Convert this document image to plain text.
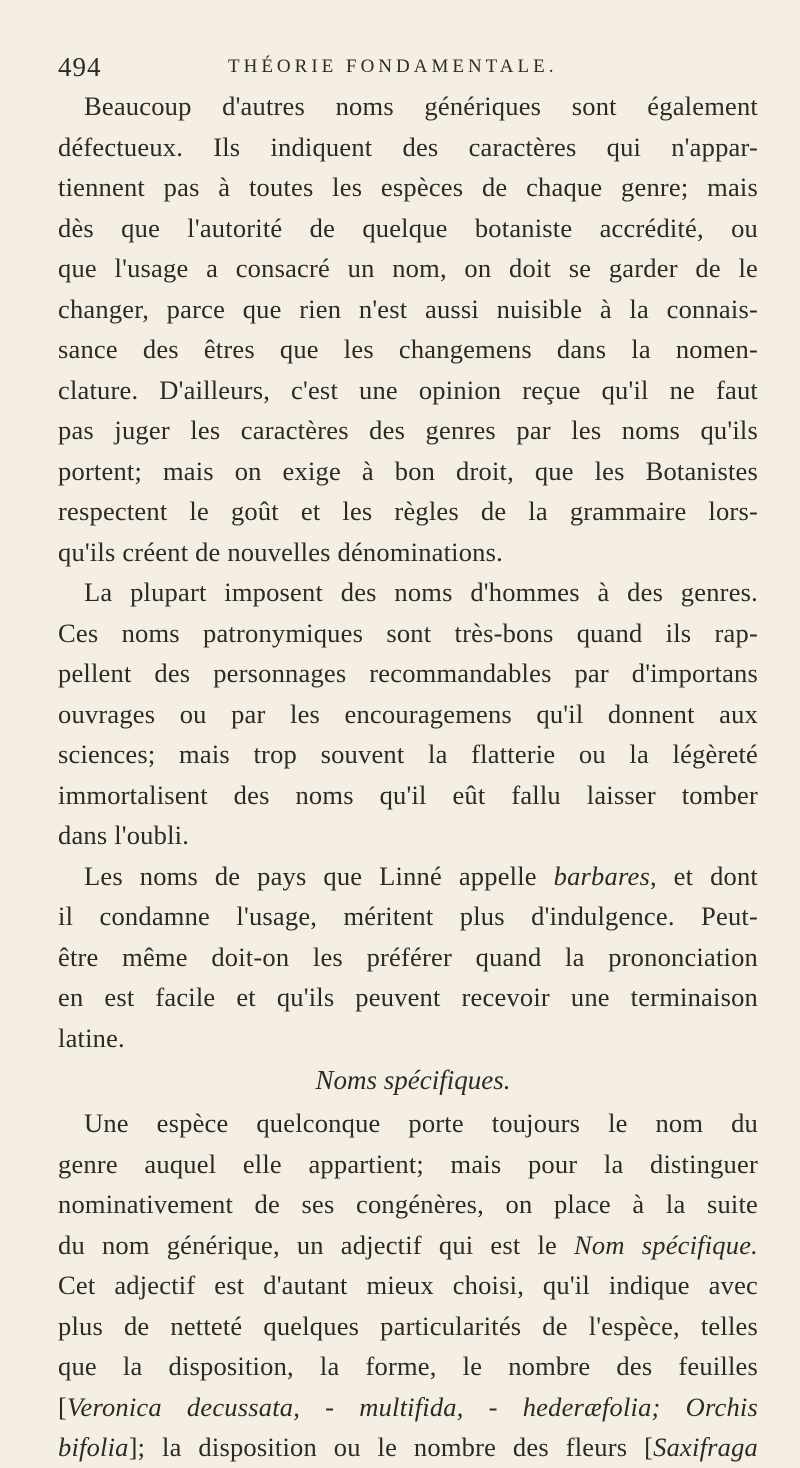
494	THÉORIE FONDAMENTALE.
Beaucoup d'autres noms génériques sont également
défectueux. Ils indiquent des caractères qui n'appar-
tiennent pas à toutes les espèces de chaque genre; mais
dès que l'autorité de quelque botaniste accrédité, ou
que l'usage a consacré un nom, on doit se garder de le
changer, parce que rien n'est aussi nuisible à la connais-
sance des êtres que les changemens dans la nomen-
clature. D'ailleurs, c'est une opinion reçue qu'il ne faut
pas juger les caractères des genres par les noms qu'ils
portent; mais on exige à bon droit, que les Botanistes
respectent le goût et les règles de la grammaire lors-
qu'ils créent de nouvelles dénominations.
La plupart imposent des noms d'hommes à des genres.
Ces noms patronymiques sont très-bons quand ils rap-
pellent des personnages recommandables par d'importans
ouvrages ou par les encouragemens qu'il donnent aux
sciences; mais trop souvent la flatterie ou la légèreté
immortalisent des noms qu'il eût fallu laisser tomber
dans l'oubli.
Les noms de pays que Linné appelle barbares, et dont
il condamne l'usage, méritent plus d'indulgence. Peut-
être même doit-on les préférer quand la prononciation
en est facile et qu'ils peuvent recevoir une terminaison
latine.
Noms spécifiques.
Une espèce quelconque porte toujours le nom du
genre auquel elle appartient; mais pour la distinguer
nominativement de ses congénères, on place à la suite
du nom générique, un adjectif qui est le Nom spécifique.
Cet adjectif est d'autant mieux choisi, qu'il indique avec
plus de netteté quelques particularités de l'espèce, telles
que la disposition, la forme, le nombre des feuilles
[Veronica decussata, - multifida, - hederæfolia; Orchis
bifolia]; la disposition ou le nombre des fleurs [Saxifraga
